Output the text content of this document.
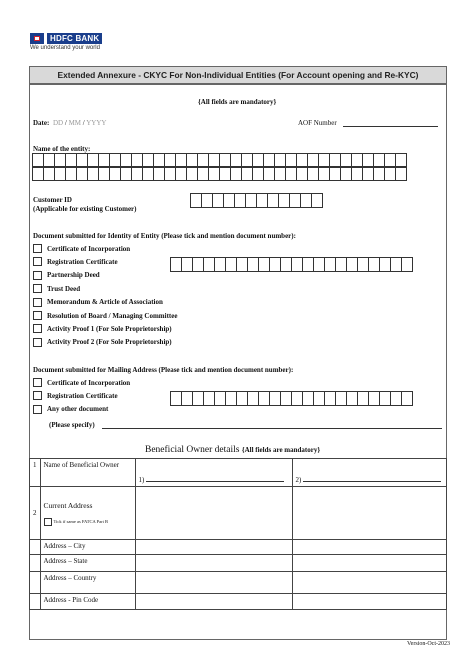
HDFC BANK
We understand your world
Extended Annexure - CKYC For Non-Individual Entities (For Account opening and Re-KYC)
{All fields are mandatory}
Date: DD / MM / YYYY	AOF Number
Name of the entity:
Customer ID
(Applicable for existing Customer)
Document submitted for Identity of Entity (Please tick and mention document number):
Certificate of Incorporation
Registration Certificate
Partnership Deed
Trust Deed
Memorandum & Article of Association
Resolution of Board / Managing Committee
Activity Proof 1 (For Sole Proprietorship)
Activity Proof 2 (For Sole Proprietorship)
Document submitted for Mailing Address (Please tick and mention document number):
Certificate of Incorporation
Registration Certificate
Any other document
(Please specify)
Beneficial Owner details {All fields are mandatory}
1	Name of Beneficial Owner	1)	2)
2	Current Address
Tick if same as FATCA Part B		

	Address – City		
	Address – State		
	Address – Country		
	Address - Pin Code		
Version-Oct-2023
